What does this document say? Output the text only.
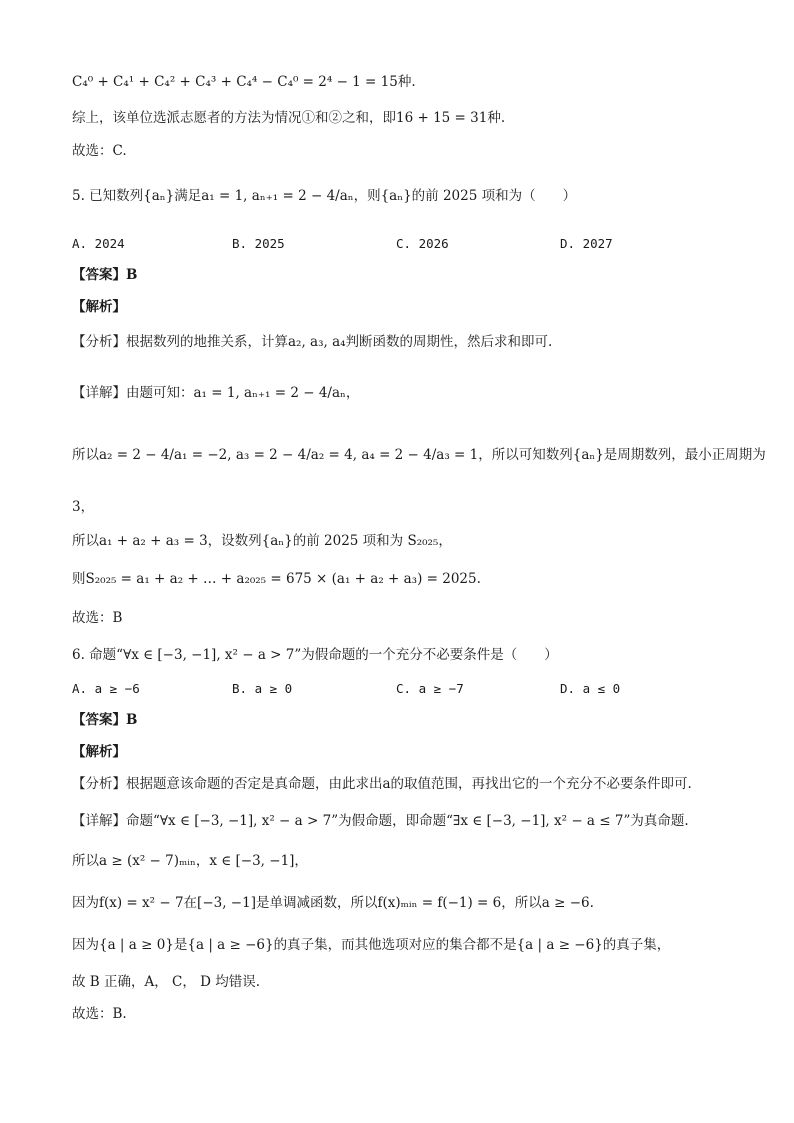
C₄⁰ + C₄¹ + C₄² + C₄³ + C₄⁴ − C₄⁰ = 2⁴ − 1 = 15种.
综上，该单位选派志愿者的方法为情况①和②之和，即16 + 15 = 31种.
故选：C.
5. 已知数列{aₙ}满足a₁ = 1, aₙ₊₁ = 2 − 4/aₙ，则{aₙ}的前 2025 项和为（　　）
A. 2024	B. 2025	C. 2026	D. 2027
【答案】B
【解析】
【分析】根据数列的地推关系，计算a₂, a₃, a₄判断函数的周期性，然后求和即可.
【详解】由题可知：a₁ = 1, aₙ₊₁ = 2 − 4/aₙ，
所以a₂ = 2 − 4/a₁ = −2, a₃ = 2 − 4/a₂ = 4, a₄ = 2 − 4/a₃ = 1，所以可知数列{aₙ}是周期数列，最小正周期为
3，
所以a₁ + a₂ + a₃ = 3，设数列{aₙ}的前 2025 项和为 S₂₀₂₅，
则S₂₀₂₅ = a₁ + a₂ + … + a₂₀₂₅ = 675 × (a₁ + a₂ + a₃) = 2025.
故选：B
6. 命题“∀x ∈ [−3, −1], x² − a > 7”为假命题的一个充分不必要条件是（　　）
A. a ≥ −6	B. a ≥ 0	C. a ≥ −7	D. a ≤ 0
【答案】B
【解析】
【分析】根据题意该命题的否定是真命题，由此求出a的取值范围，再找出它的一个充分不必要条件即可.
【详解】命题“∀x ∈ [−3, −1], x² − a > 7”为假命题，即命题“∃x ∈ [−3, −1], x² − a ≤ 7”为真命题.
所以a ≥ (x² − 7)ₘᵢₙ，x ∈ [−3, −1]，
因为f(x) = x² − 7在[−3, −1]是单调减函数，所以f(x)ₘᵢₙ = f(−1) = 6，所以a ≥ −6.
因为{a | a ≥ 0}是{a | a ≥ −6}的真子集，而其他选项对应的集合都不是{a | a ≥ −6}的真子集，
故 B 正确，A， C， D 均错误.
故选：B.
